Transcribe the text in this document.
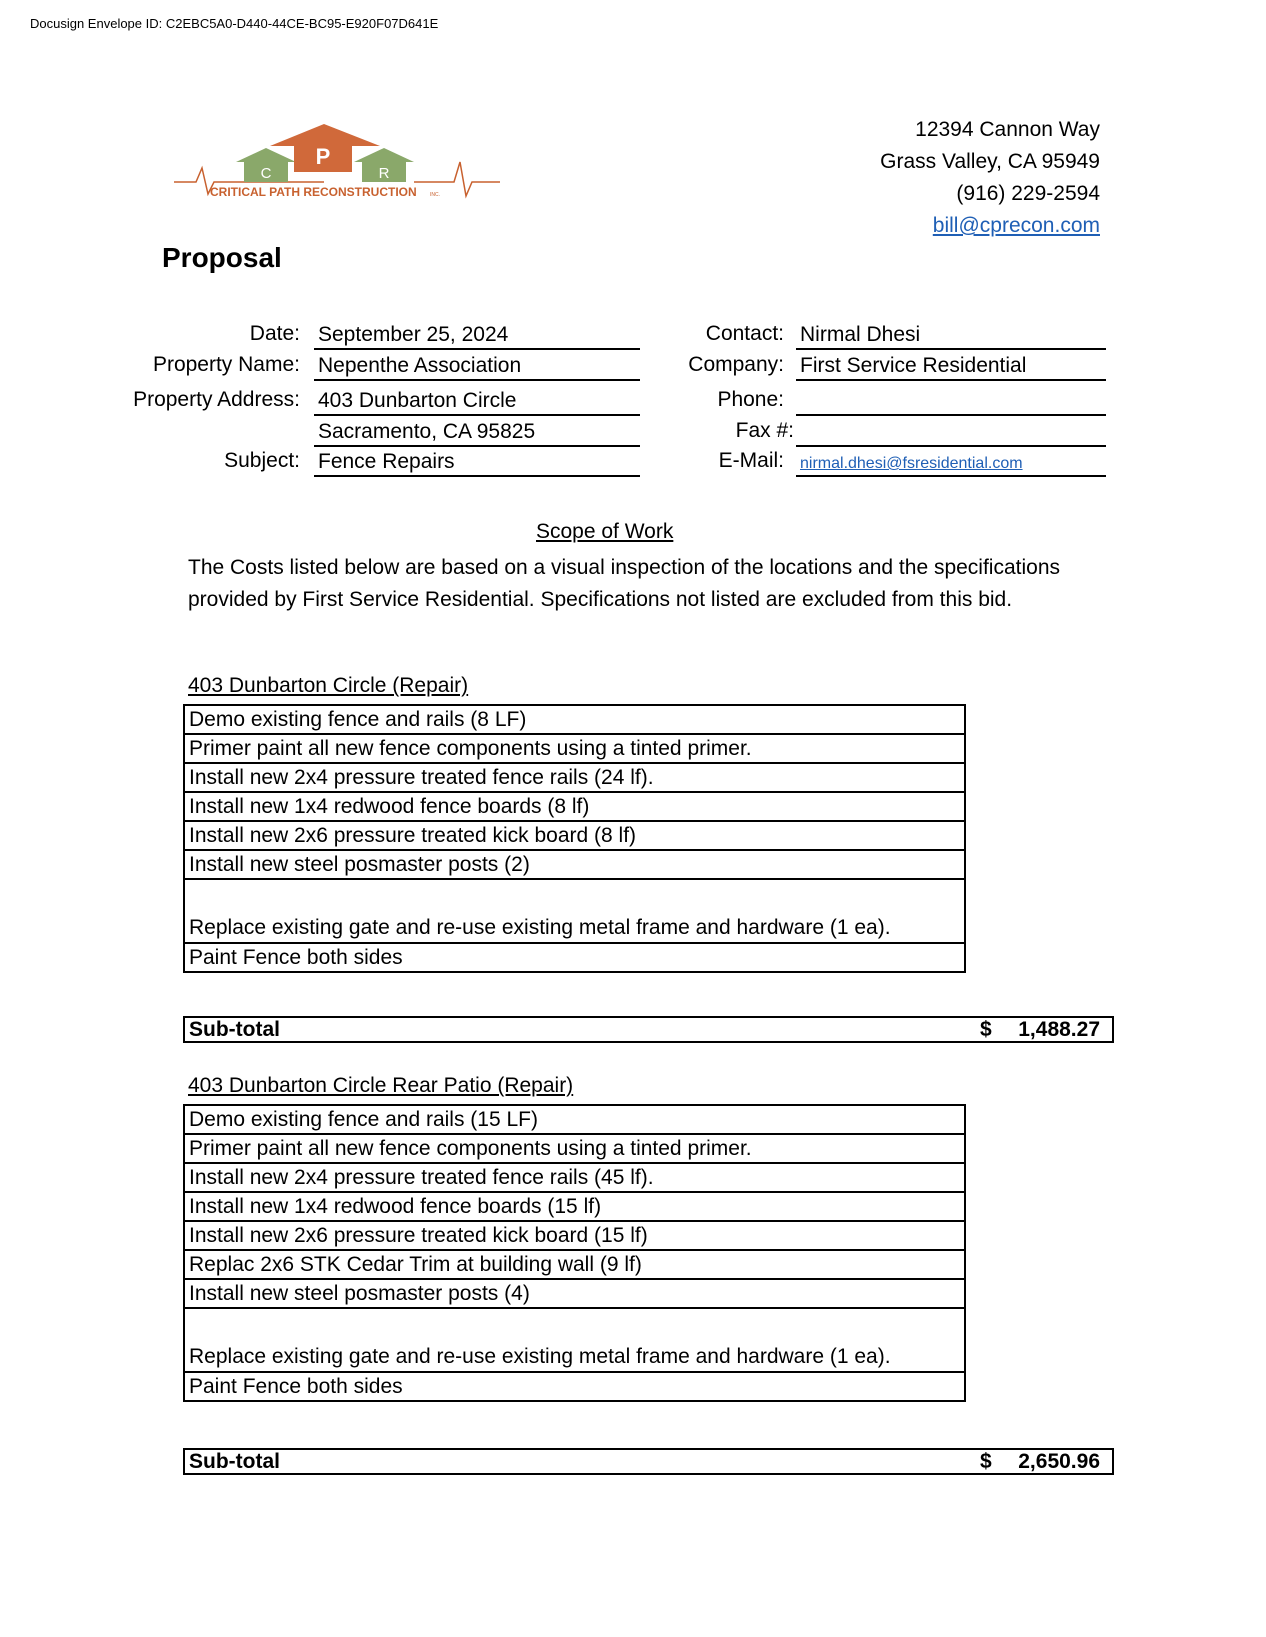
Docusign Envelope ID: C2EBC5A0-D440-44CE-BC95-E920F07D641E
P
C	R
CRITICAL PATH RECONSTRUCTION	INC.
12394 Cannon Way
Grass Valley, CA 95949
(916) 229-2594
bill@cprecon.com
Proposal
Date: September 25, 2024
Property Name: Nepenthe Association
Property Address: 403 Dunbarton Circle
Sacramento, CA 95825
Subject: Fence Repairs
Contact: Nirmal Dhesi
Company: First Service Residential
Phone:
Fax #:
E-Mail: nirmal.dhesi@fsresidential.com
Scope of Work
The Costs listed below are based on a visual inspection of the locations and the specifications provided by First Service Residential. Specifications not listed are excluded from this bid.
403 Dunbarton Circle (Repair)
Demo existing fence and rails (8 LF)
Primer paint all new fence components using a tinted primer.
Install new 2x4 pressure treated fence rails (24 lf).
Install new 1x4 redwood fence boards (8 lf)
Install new 2x6 pressure treated kick board (8 lf)
Install new steel posmaster posts (2)
Replace existing gate and re-use existing metal frame and hardware (1 ea).
Paint Fence both sides
Sub-total	$ 1,488.27
403 Dunbarton Circle Rear Patio (Repair)
Demo existing fence and rails (15 LF)
Primer paint all new fence components using a tinted primer.
Install new 2x4 pressure treated fence rails (45 lf).
Install new 1x4 redwood fence boards (15 lf)
Install new 2x6 pressure treated kick board (15 lf)
Replac 2x6 STK Cedar Trim at building wall (9 lf)
Install new steel posmaster posts (4)
Replace existing gate and re-use existing metal frame and hardware (1 ea).
Paint Fence both sides
Sub-total	$ 2,650.96
